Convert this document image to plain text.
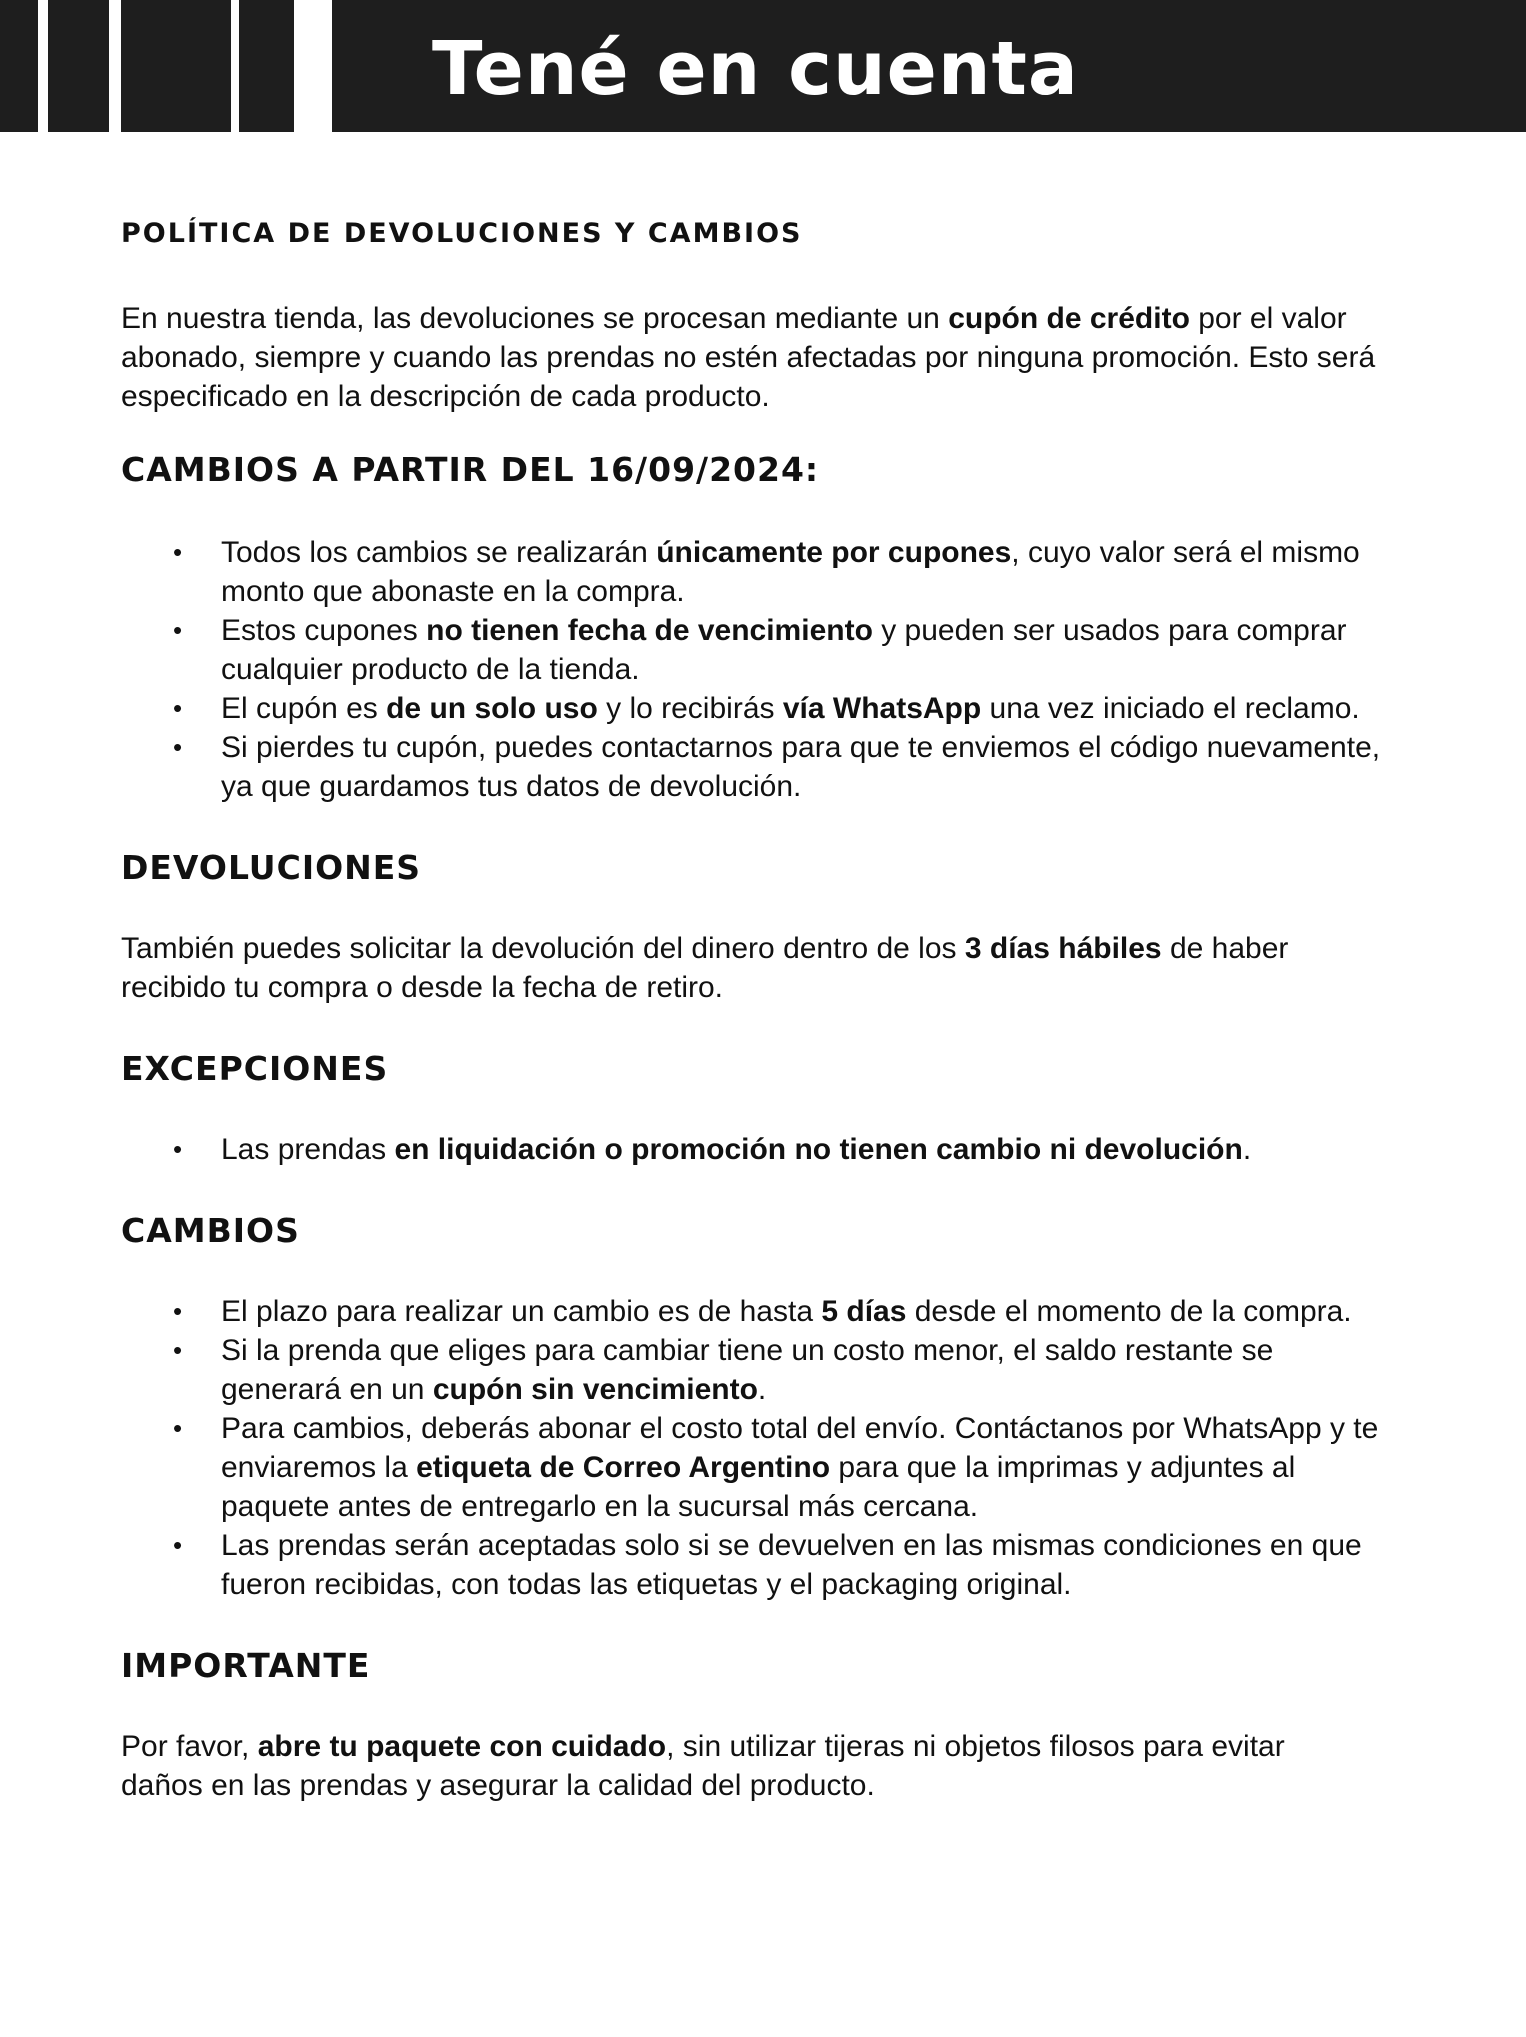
Tené en cuenta
POLÍTICA DE DEVOLUCIONES Y CAMBIOS

En nuestra tienda, las devoluciones se procesan mediante un cupón de crédito por el valor abonado, siempre y cuando las prendas no estén afectadas por ninguna promoción. Esto será especificado en la descripción de cada producto.

CAMBIOS A PARTIR DEL 16/09/2024:
• Todos los cambios se realizarán únicamente por cupones, cuyo valor será el mismo monto que abonaste en la compra.
• Estos cupones no tienen fecha de vencimiento y pueden ser usados para comprar cualquier producto de la tienda.
• El cupón es de un solo uso y lo recibirás vía WhatsApp una vez iniciado el reclamo.
• Si pierdes tu cupón, puedes contactarnos para que te enviemos el código nuevamente, ya que guardamos tus datos de devolución.
DEVOLUCIONES

También puedes solicitar la devolución del dinero dentro de los 3 días hábiles de haber recibido tu compra o desde la fecha de retiro.

EXCEPCIONES
• Las prendas en liquidación o promoción no tienen cambio ni devolución.
CAMBIOS
• El plazo para realizar un cambio es de hasta 5 días desde el momento de la compra.
• Si la prenda que eliges para cambiar tiene un costo menor, el saldo restante se generará en un cupón sin vencimiento.
• Para cambios, deberás abonar el costo total del envío. Contáctanos por WhatsApp y te enviaremos la etiqueta de Correo Argentino para que la imprimas y adjuntes al paquete antes de entregarlo en la sucursal más cercana.
• Las prendas serán aceptadas solo si se devuelven en las mismas condiciones en que fueron recibidas, con todas las etiquetas y el packaging original.
IMPORTANTE

Por favor, abre tu paquete con cuidado, sin utilizar tijeras ni objetos filosos para evitar daños en las prendas y asegurar la calidad del producto.
